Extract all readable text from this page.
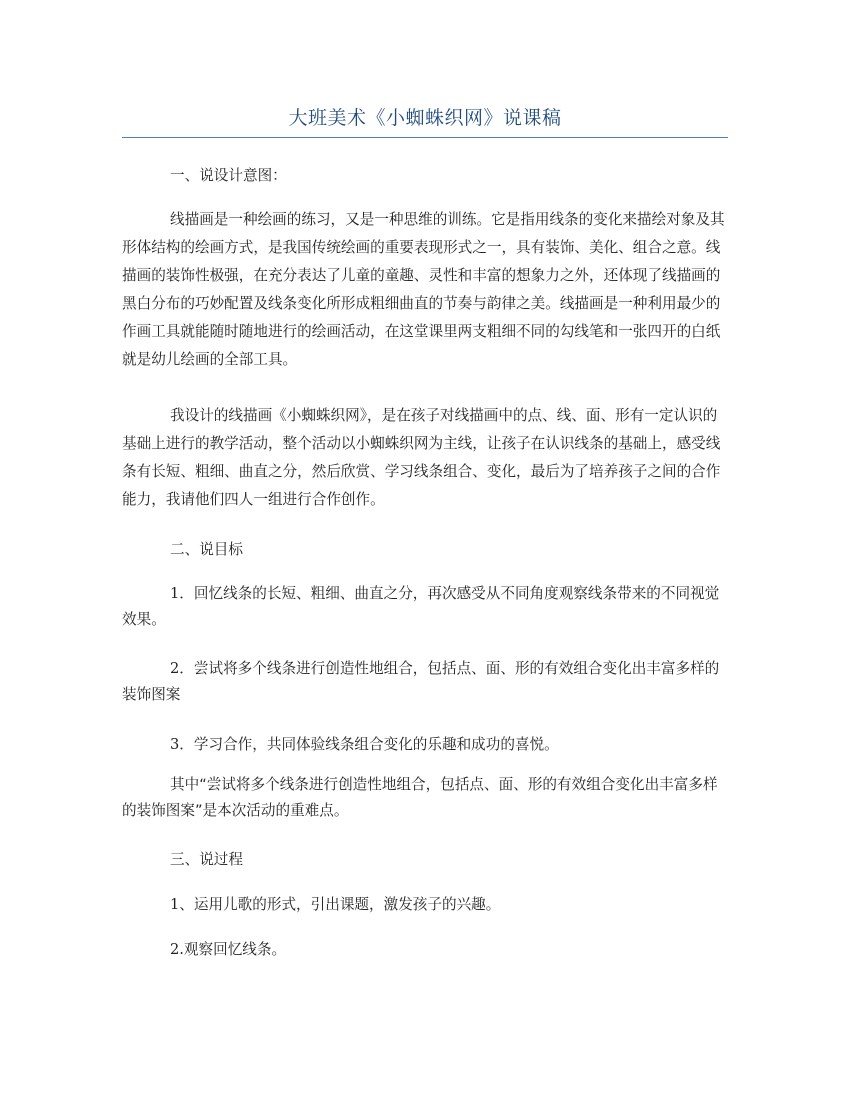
大班美术《小蜘蛛织网》说课稿

一、说设计意图：

线描画是一种绘画的练习，又是一种思维的训练。它是指用线条的变化来描绘对象及其形体结构的绘画方式，是我国传统绘画的重要表现形式之一，具有装饰、美化、组合之意。线描画的装饰性极强，在充分表达了儿童的童趣、灵性和丰富的想象力之外，还体现了线描画的黑白分布的巧妙配置及线条变化所形成粗细曲直的节奏与韵律之美。线描画是一种利用最少的作画工具就能随时随地进行的绘画活动，在这堂课里两支粗细不同的勾线笔和一张四开的白纸就是幼儿绘画的全部工具。

我设计的线描画《小蜘蛛织网》，是在孩子对线描画中的点、线、面、形有一定认识的基础上进行的教学活动，整个活动以小蜘蛛织网为主线，让孩子在认识线条的基础上，感受线条有长短、粗细、曲直之分，然后欣赏、学习线条组合、变化，最后为了培养孩子之间的合作能力，我请他们四人一组进行合作创作。

二、说目标

1．回忆线条的长短、粗细、曲直之分，再次感受从不同角度观察线条带来的不同视觉效果。

2．尝试将多个线条进行创造性地组合，包括点、面、形的有效组合变化出丰富多样的装饰图案

3．学习合作，共同体验线条组合变化的乐趣和成功的喜悦。

其中“尝试将多个线条进行创造性地组合，包括点、面、形的有效组合变化出丰富多样的装饰图案”是本次活动的重难点。

三、说过程

1、运用儿歌的形式，引出课题，激发孩子的兴趣。

2.观察回忆线条。
